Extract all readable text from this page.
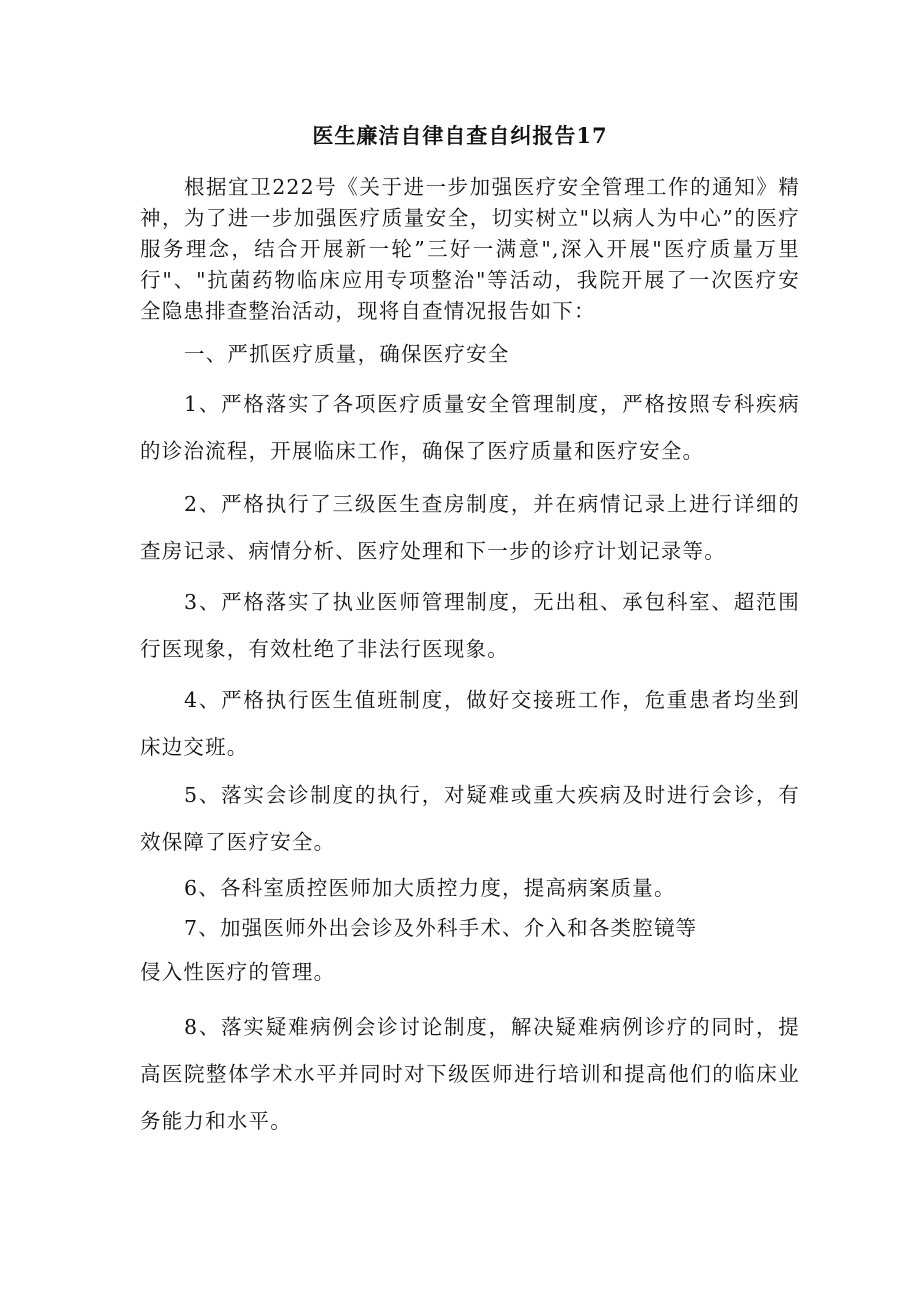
医生廉洁自律自查自纠报告17

根据宜卫222号《关于进一步加强医疗安全管理工作的通知》精神，为了进一步加强医疗质量安全，切实树立"以病人为中心”的医疗服务理念，结合开展新一轮”三好一满意",深入开展"医疗质量万里行"、"抗菌药物临床应用专项整治"等活动，我院开展了一次医疗安全隐患排查整治活动，现将自查情况报告如下：

一、严抓医疗质量，确保医疗安全

1、严格落实了各项医疗质量安全管理制度，严格按照专科疾病的诊治流程，开展临床工作，确保了医疗质量和医疗安全。

2、严格执行了三级医生查房制度，并在病情记录上进行详细的查房记录、病情分析、医疗处理和下一步的诊疗计划记录等。

3、严格落实了执业医师管理制度，无出租、承包科室、超范围行医现象，有效杜绝了非法行医现象。

4、严格执行医生值班制度，做好交接班工作，危重患者均坐到床边交班。

5、落实会诊制度的执行，对疑难或重大疾病及时进行会诊，有效保障了医疗安全。

6、各科室质控医师加大质控力度，提高病案质量。

7、加强医师外出会诊及外科手术、介入和各类腔镜等

侵入性医疗的管理。

8、落实疑难病例会诊讨论制度，解决疑难病例诊疗的同时，提高医院整体学术水平并同时对下级医师进行培训和提高他们的临床业务能力和水平。
